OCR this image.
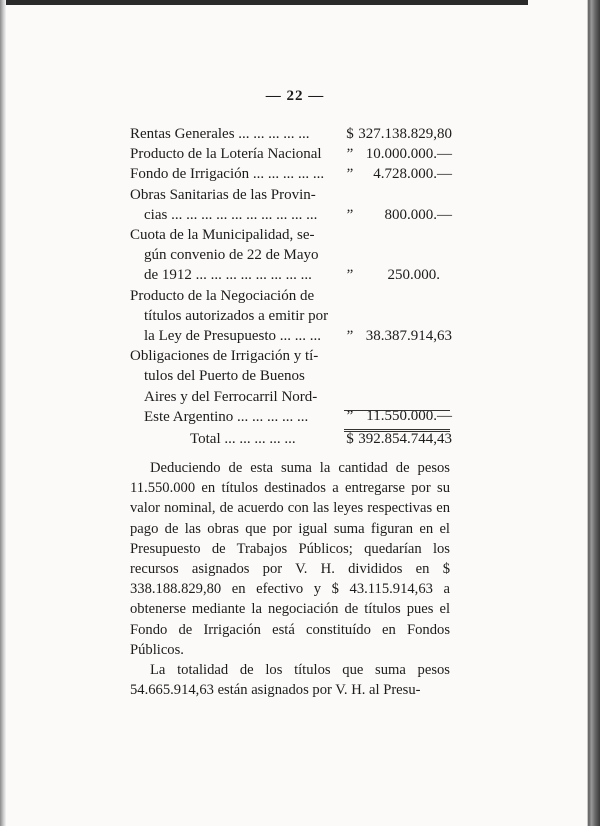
— 22 —
Rentas Generales ... ... ... ... ...	$ 327.138.829,80
Producto de la Lotería Nacional	” 10.000.000.—
Fondo de Irrigación ... ... ... ... ...	” 4.728.000.—
Obras Sanitarias de las Provin-
cias ... ... ... ... ... ... ... ... ... ...	” 800.000.—
Cuota de la Municipalidad, se-
gún convenio de 22 de Mayo
de 1912 ... ... ... ... ... ... ... ...	” 250.000.
Producto de la Negociación de
títulos autorizados a emitir por
la Ley de Presupuesto ... ... ...	” 38.387.914,63
Obligaciones de Irrigación y tí-
tulos del Puerto de Buenos
Aires y del Ferrocarril Nord-
Este Argentino ... ... ... ... ...	” 11.550.000.—
Total ... ... ... ... ...	$ 392.854.744,43

Deduciendo de esta suma la cantidad de pesos 11.550.000 en títulos destinados a entregarse por su valor nominal, de acuerdo con las leyes respectivas en pago de las obras que por igual suma figuran en el Presupuesto de Trabajos Públicos; quedarían los recursos asignados por V. H. divididos en $ 338.188.829,80 en efectivo y $ 43.115.914,63 a obtenerse mediante la negociación de títulos pues el Fondo de Irrigación está constituído en Fondos Públicos.

La totalidad de los títulos que suma pesos 54.665.914,63 están asignados por V. H. al Presu-
